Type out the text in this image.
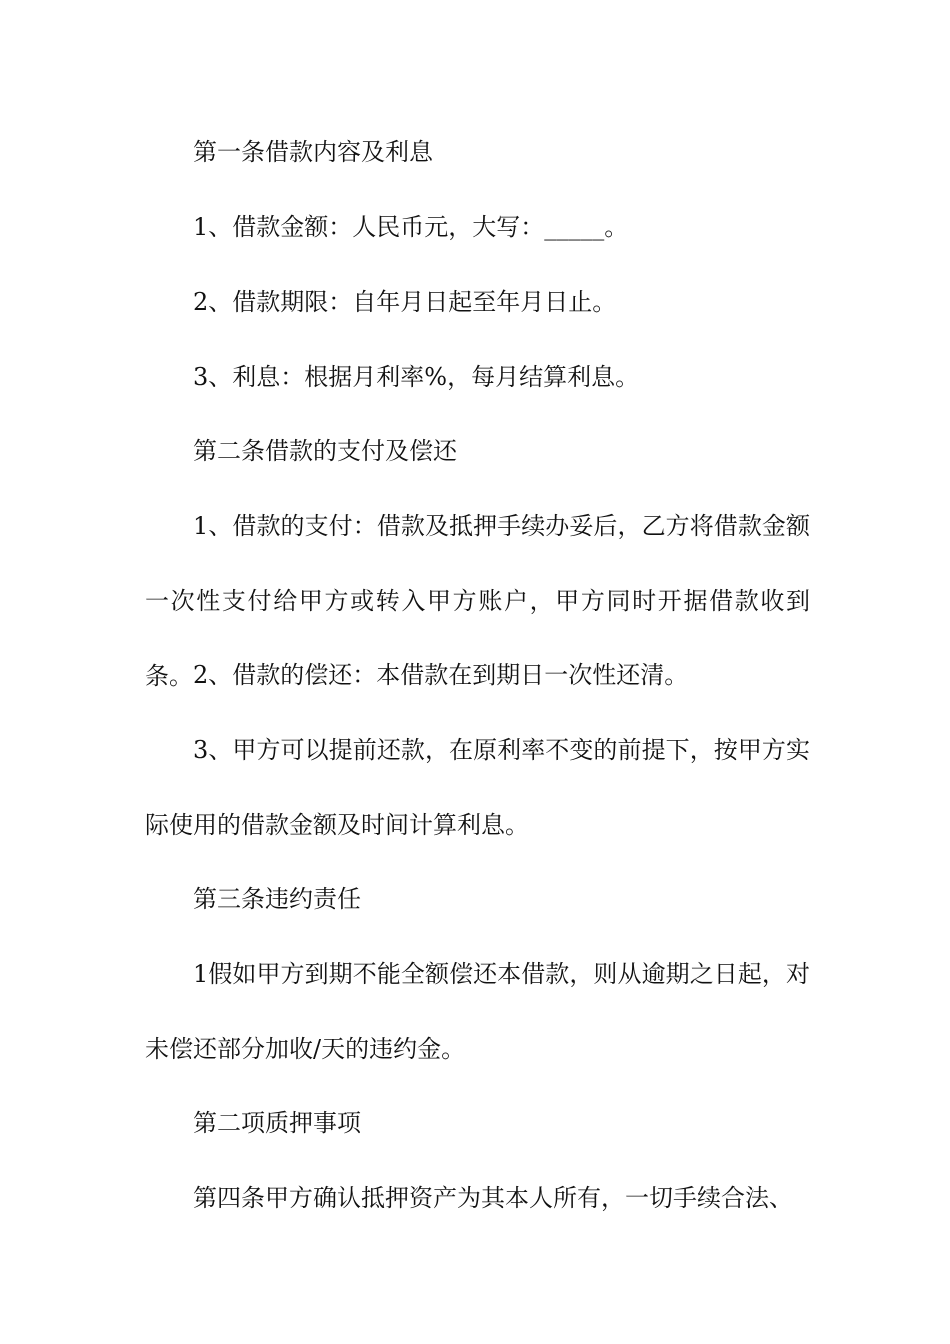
第一条借款内容及利息

1、借款金额：人民币元，大写：_____。

2、借款期限：自年月日起至年月日止。

3、利息：根据月利率%，每月结算利息。

第二条借款的支付及偿还

1、借款的支付：借款及抵押手续办妥后，乙方将借款金额一次性支付给甲方或转入甲方账户，甲方同时开据借款收到条。 2、借款的偿还：本借款在到期日一次性还清。

3、甲方可以提前还款，在原利率不变的前提下，按甲方实际使用的借款金额及时间计算利息。

第三条违约责任

1假如甲方到期不能全额偿还本借款，则从逾期之日起，对未偿还部分加收/天的违约金。

第二项质押事项

第四条甲方确认抵押资产为其本人所有，一切手续合法、
